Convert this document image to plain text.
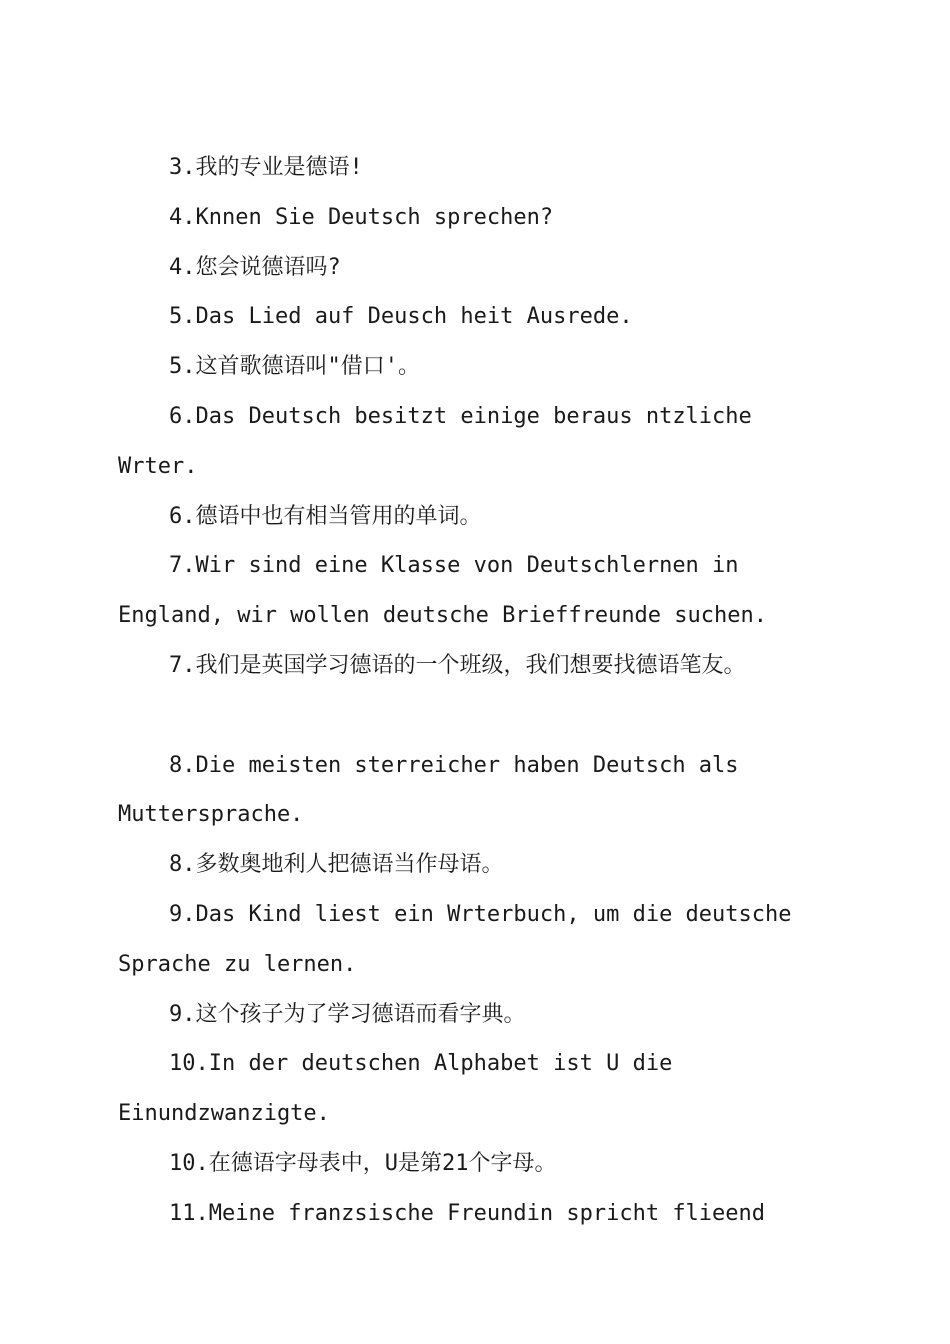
3.我的专业是德语!

4.Knnen Sie Deutsch sprechen?

4.您会说德语吗?

5.Das Lied auf Deusch heit Ausrede.

5.这首歌德语叫"借口'。

6.Das Deutsch besitzt einige beraus ntzliche Wrter.

6.德语中也有相当管用的单词。

7.Wir sind eine Klasse von Deutschlernen in England, wir wollen deutsche Brieffreunde suchen.

7.我们是英国学习德语的一个班级，我们想要找德语笔友。

8.Die meisten sterreicher haben Deutsch als Muttersprache.

8.多数奥地利人把德语当作母语。

9.Das Kind liest ein Wrterbuch, um die deutsche Sprache zu lernen.

9.这个孩子为了学习德语而看字典。

10.In der deutschen Alphabet ist U die Einundzwanzigte.

10.在德语字母表中，U是第21个字母。

11.Meine franzsische Freundin spricht flieend
